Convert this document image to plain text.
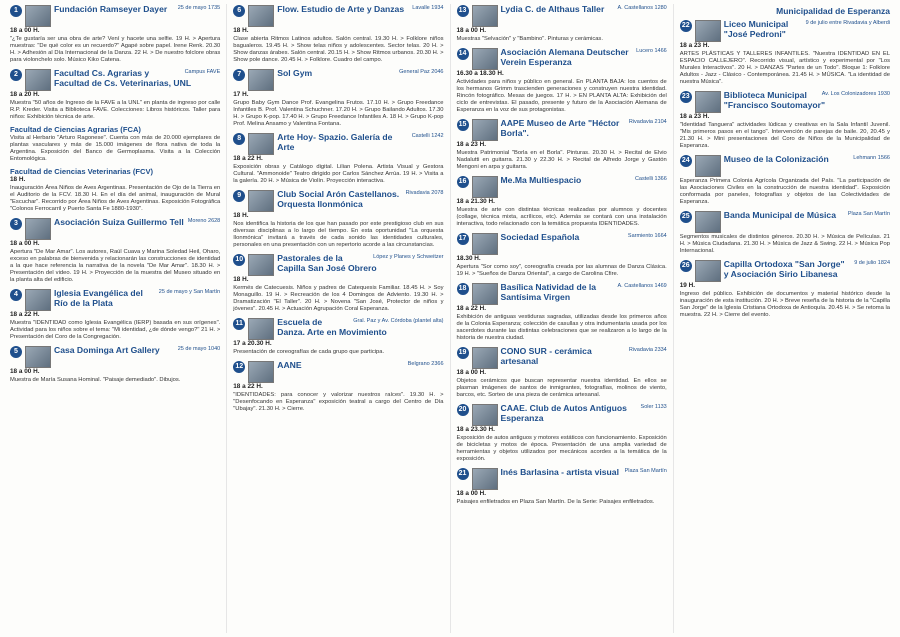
1	25 de mayo 1735
Fundación Ramseyer Dayer
18 a 00 H.

"¿Te gustaría ser una obra de arte? Vení y hacete una selfie. 19 H. > Apertura muestras: "De qué color es un recuerdo?" Agapé sobre papel. Irene Renk. 20.30 H. > Adhesión al Día Internacional de la Danza. 22 H. > De nuestro folclore obras para violonchelo solo. Músico Kiko Catena.

2	Campus FAVE
Facultad Cs. Agrarias y Facultad de Cs. Veterinarias, UNL
18 a 20 H.

Muestra "50 años de Ingreso de la FAVE a la UNL" en planta de ingreso por calle R.P. Kreder. Visita a Biblioteca FAVE. Colecciones: Libros históricos. Taller para niños: Exhibición técnica de arte.

Facultad de Ciencias Agrarias (FCA)

Visita al Herbario "Arturo Ragonese". Cuenta con más de 20.000 ejemplares de plantas vasculares y más de 15.000 imágenes de flora nativa de toda la Argentina. Exposición del Banco de Germoplasma. Visita a la Colección Entomológica.

Facultad de Ciencias Veterinarias (FCV)
18 H.

Inauguración Área Niños de Aves Argentinas. Presentación de Ojo de la Tierra en el Auditorio de la FCV. 18.30 H. En el día del animal, inauguración de Mural "Escuchar". Recorrido por Área Niños de Aves Argentinas. Exposición Fotográfica "Colonos Ferrocarril y Puerto Santa Fe 1880-1930".

3	Moreno 2628
Asociación Suiza Guillermo Tell
18 a 00 H.

Apertura "De Mar Amar". Los autores, Raúl Cuava y Marina Soledad Heil, Oharo, exceso en palabras de bienvenida y relacionarán las construcciones de identidad a la que hace referencia la narrativa de la novela "De Mar Amar". 18.30 H. > Presentación del video. 19 H. > Proyección de la muestra del Museo situado en la planta alta del edificio.

4	25 de mayo y San Martín
Iglesia Evangélica del Río de la Plata
18 a 22 H.

Muestra "IDENTIDAD como Iglesia Evangélica (IERP) basada en sus orígenes". Actividad para los niños sobre el tema: "Mi identidad, ¿de dónde vengo?" 21 H. > Presentación del Coro de la Congregación.

5	25 de mayo 1040
Casa Dominga Art Gallery
18 a 00 H.

Muestra de María Susana Hominal. "Paisaje demediado". Dibujos.

6	Lavalle 1934
Flow. Estudio de Arte y Danzas
18 H.

Clase abierta Ritmos Latinos adultos. Salón central. 19.30 H. > Folklore niños bagualeros. 19.45 H. > Show telas niños y adolescentes. Sector telas. 20 H. > Show danzas árabes. Salón central. 20.15 H. > Show Ritmos urbanos. 20.30 H. > Show pole dance. 20.45 H. > Folklore. Cuadro del campo.

7	General Paz 2046
Sol Gym
17 H.

Grupo Baby Gym Dance Prof. Evangelina Frutos. 17.10 H. > Grupo Freedance Infantiles B. Prof. Valentina Schuchner. 17.20 H. > Grupo Bailando Adultos. 17.30 H. > Grupo K-pop. 17.40 H. > Grupo Freedance Infantiles A. 18 H. > Grupo K-pop Prof. Melina Ansamo y Valentina Fontana.

8	Castelli 1242
Arte Hoy- Spazio. Galería de Arte
18 a 22 H.

Exposición obras y Catálogo digital. Lilian Polena. Artista Visual y Gestora Cultural. "Ammonoide" Teatro dirigido por Carlos Sánchez Arrúa. 19 H. > Visita a la galería. 20 H. > Música de Violín. Proyección interactiva.

9	Rivadavia 2078
Club Social Arón Castellanos. Orquesta Ilonmónica
18 H.

Nos identifica la historia de los que han pasado por este prestigioso club en sus diversas disciplinas a lo largo del tiempo. En esta oportunidad "La orquesta Ilonmónica" invitará a través de cada sonido las identidades culturales, personales en una presentación con un repertorio acorde a las circunstancias.

10	López y Planes y Schweitzer
Pastorales de la Capilla San José Obrero
18 H.

Kermés de Catecuesis. Niños y padres de Catequesis Familiar. 18.45 H. > Soy Monaguillo. 19 H. > Recreación de los 4 Domingos de Adviento. 19.30 H. > Dramatización "El Taller". 20 H. > Novena "San José, Protector de niños y jóvenes". 20.45 H. > Actuación Agrupación Coral Esperanza.

11	Gral. Paz y Av. Córdoba (plantel alta)
Escuela de Danza. Arte en Movimiento
17 a 20.30 H.

Presentación de coreografías de cada grupo que participa.

12	Belgrano 2366
AANE
18 a 22 H.

"IDENTIDADES: para conocer y valorizar nuestros raíces". 19.30 H. > "Desenfocando en Esperanza" exposición teatral a cargo del Centro de Día "Ubajay". 21.30 H. > Cierre.

13	A. Castellanos 1280
Lydia C. de Althaus Taller
18 a 00 H.

Muestras "Selvación" y "Bambino". Pinturas y cerámicas.

14	Lucero 1466
Asociación Alemana Deutscher Verein Esperanza
16.30 a 18.30 H.

Actividades para niños y público en general. En PLANTA BAJA: los cuentos de los hermanos Grimm trascienden generaciones y construyen nuestra identidad. Rincón fotográfico. Mesas de juegos. 17 H. > EN PLANTA ALTA: Exhibición del ciclo de entrevistas. El pasado, presente y futuro de la Asociación Alemana de Esperanza en la voz de sus protagonistas.

15	Rivadavia 2104
AAPE Museo de Arte "Héctor Borla".
18 a 23 H.

Muestra Patrimonial "Borla en el Borla". Pinturas. 20.30 H. > Recital de Elvio Nadalutti en guitarra. 21.30 y 22.30 H. > Recital de Alfredo Jorge y Gastón Mengoni en arpa y guitarra.

16	Castelli 1366
Me.Ma Multiespacio
18 a 21.30 H.

Muestra de arte con distintas técnicas realizadas por alumnos y docentes (collage, técnica mixta, acrílicos, etc). Además se contará con una instalación interactiva, todo relacionado con la temática propuesta IDENTIDADES.

17	Sarmiento 1664
Sociedad Española
18.30 H.

Apertura "Sor como soy", coreografía creada por las alumnas de Danza Clásica. 19 H. > "Sueños de Danza Oriental", a cargo de Carolina Cfire.

18	A. Castellanos 1469
Basílica Natividad de la Santísima Virgen
18 a 22 H.

Exhibición de antiguas vestiduras sagradas, utilizadas desde los primeros años de la Colonia Esperanza; colección de casullas y otra indumentaria usada por los sacerdotes durante las distintas celebraciones que se realizaron a lo largo de la historia de nuestra ciudad.

19	Rivadavia 2334
CONO SUR - cerámica artesanal
18 a 00 H.

Objetos cerámicos que buscan representar nuestra identidad. En ellos se plasman imágenes de santos de inmigrantes, fotografías, molinos de viento, barcos, etc. Sorteo de una pieza de cerámica artesanal.

20	Soler 1133
CAAE. Club de Autos Antiguos Esperanza
18 a 23.30 H.

Exposición de autos antiguos y motores estáticos con funcionamiento. Exposición de bicicletas y motos de época. Presentación de una amplia variedad de herramientas y objetos utilizados por mecánicos acordes a la temática de la exposición.

21	Plaza San Martín
Inés Barlasina - artista visual
18 a 00 H.

Paisajes enfiletrados en Plaza San Martín. De la Serie: Paisajes enfiletrados.

Municipalidad de Esperanza
22	9 de julio entre Rivadavia y Alberdi
Liceo Municipal "José Pedroni"
18 a 23 H.

ARTES PLÁSTICAS Y TALLERES INFANTILES. "Nuestra IDENTIDAD EN EL ESPACIO CALLEJERO". Recorrido visual, artístico y experimental por "Los Murales Interactivos". 20 H. > DANZAS "Partes de un Todo". Bloque 1: Folklore Adultos - Jazz - Clásico - Contemporánea. 21.45 H. > MÚSICA. "La identidad de nuestra Música".

23	Av. Los Colonizadores 1930
Biblioteca Municipal "Francisco Soutomayor"
18 a 23 H.

"Identidad Tanguera" actividades lúdicas y creativas en la Sala Infantil Juvenil. "Mis primeros pasos en el tango". Intervención de parejas de baile. 20, 20.45 y 21.30 H. > Mini presentaciones del Coro de Niños de la Municipalidad de Esperanza.

24	Lehmann 1566
Museo de la Colonización

Esperanza Primera Colonia Agrícola Organizada del País. "La participación de las Asociaciones Civiles en la construcción de nuestra identidad". Exposición conformada por paneles, fotografías y objetos de las Colectividades de Esperanza.

25	Plaza San Martín
Banda Municipal de Música

Segmentos musicales de distintos géneros. 20.30 H. > Música de Películas. 21 H. > Música Ciudadana. 21.30 H. > Música de Jazz & Swing. 22 H. > Música Pop Internacional.

26	9 de julio 1824
Capilla Ortodoxa "San Jorge" y Asociación Sirio Libanesa
19 H.

Ingreso del público. Exhibición de documentos y material histórico desde la inauguración de esta institución. 20 H. > Breve reseña de la historia de la "Capilla San Jorge" de la Iglesia Cristiana Ortodoxa de Antioquía. 20.45 H. > Se retoma la muestra. 22 H. > Cierre del evento.
